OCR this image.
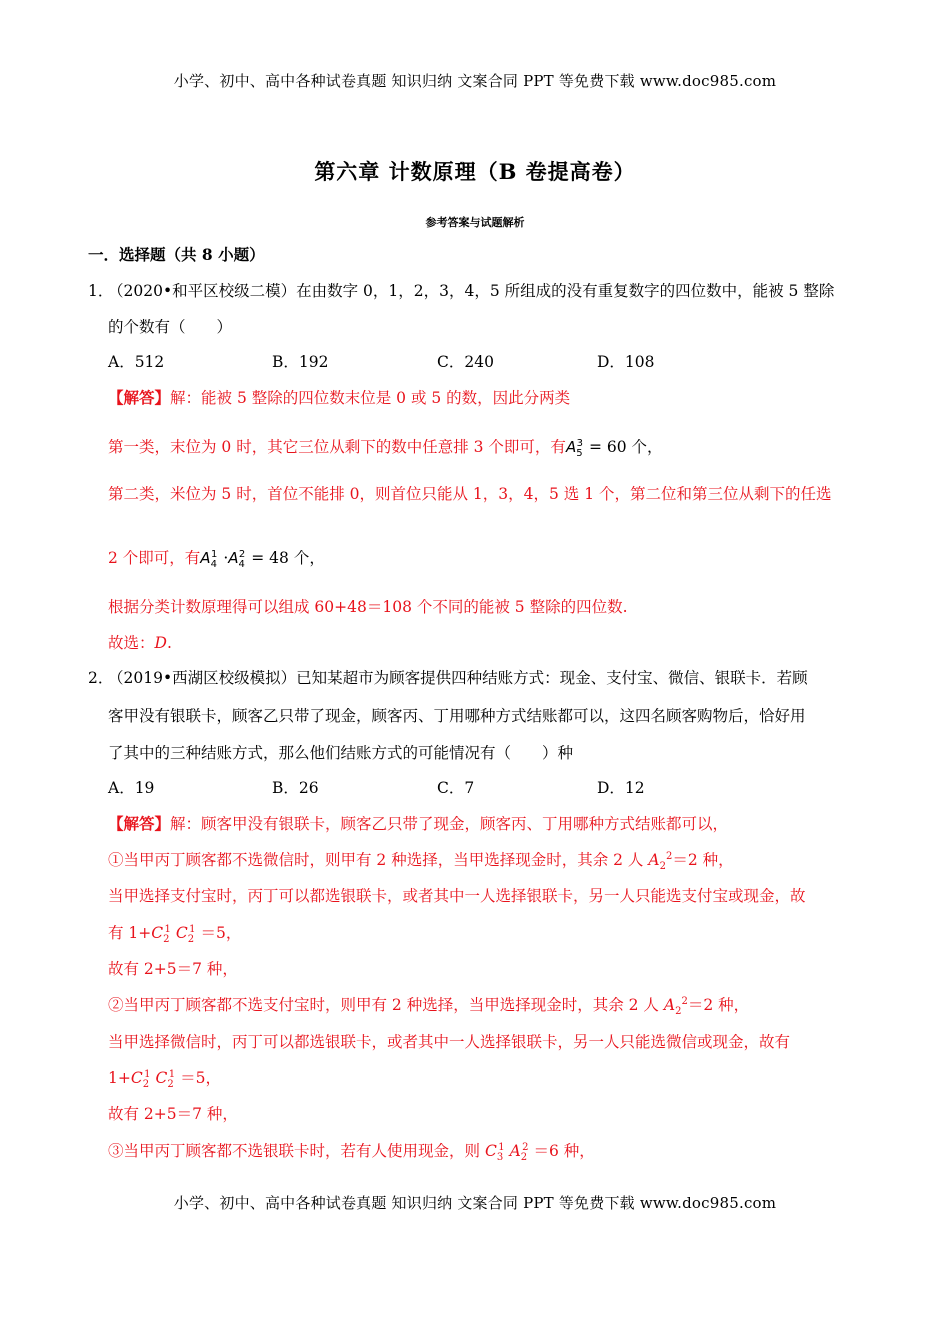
小学、初中、高中各种试卷真题 知识归纳 文案合同 PPT 等免费下载 www.doc985.com
第六章 计数原理（B 卷提高卷）
参考答案与试题解析
一．选择题（共 8 小题）
1．
（2020•和平区校级二模）在由数字 0，1，2，3，4，5 所组成的没有重复数字的四位数中，能被 5 整除
的个数有（　　）
A．512	B．192	C．240	D．108
【解答】解：能被 5 整除的四位数末位是 0 或 5 的数，因此分两类
第一类，末位为 0 时，其它三位从剩下的数中任意排 3 个即可，有$A_5^3 = 60$ 个，
第二类，米位为 5 时，首位不能排 0，则首位只能从 1，3，4，5 选 1 个，第二位和第三位从剩下的任选
2 个即可，有$A_4^1 \cdot A_4^2 = 48$ 个，
根据分类计数原理得可以组成 60+48＝108 个不同的能被 5 整除的四位数.
故选：D.
2．
（2019•西湖区校级模拟）已知某超市为顾客提供四种结账方式：现金、支付宝、微信、银联卡．若顾
客甲没有银联卡，顾客乙只带了现金，顾客丙、丁用哪种方式结账都可以，这四名顾客购物后，恰好用
了其中的三种结账方式，那么他们结账方式的可能情况有（　　）种
A．19	B．26	C．7	D．12
【解答】解：顾客甲没有银联卡，顾客乙只带了现金，顾客丙、丁用哪种方式结账都可以，
①当甲丙丁顾客都不选微信时，则甲有 2 种选择，当甲选择现金时，其余 2 人 $A_2^2=2$ 种，
当甲选择支付宝时，丙丁可以都选银联卡，或者其中一人选择银联卡，另一人只能选支付宝或现金，故
有 $1+C_2^1$ $C_2^1 =5$，
故有 2+5＝7 种，
②当甲丙丁顾客都不选支付宝时，则甲有 2 种选择，当甲选择现金时，其余 2 人 $A_2^2=2$ 种，
当甲选择微信时，丙丁可以都选银联卡，或者其中一人选择银联卡，另一人只能选微信或现金，故有
$1+C_2^1$ $C_2^1 =5$，
故有 2+5＝7 种，
③当甲丙丁顾客都不选银联卡时，若有人使用现金，则 $C_3^1$ $A_2^2 =6$ 种，
小学、初中、高中各种试卷真题 知识归纳 文案合同 PPT 等免费下载 www.doc985.com
